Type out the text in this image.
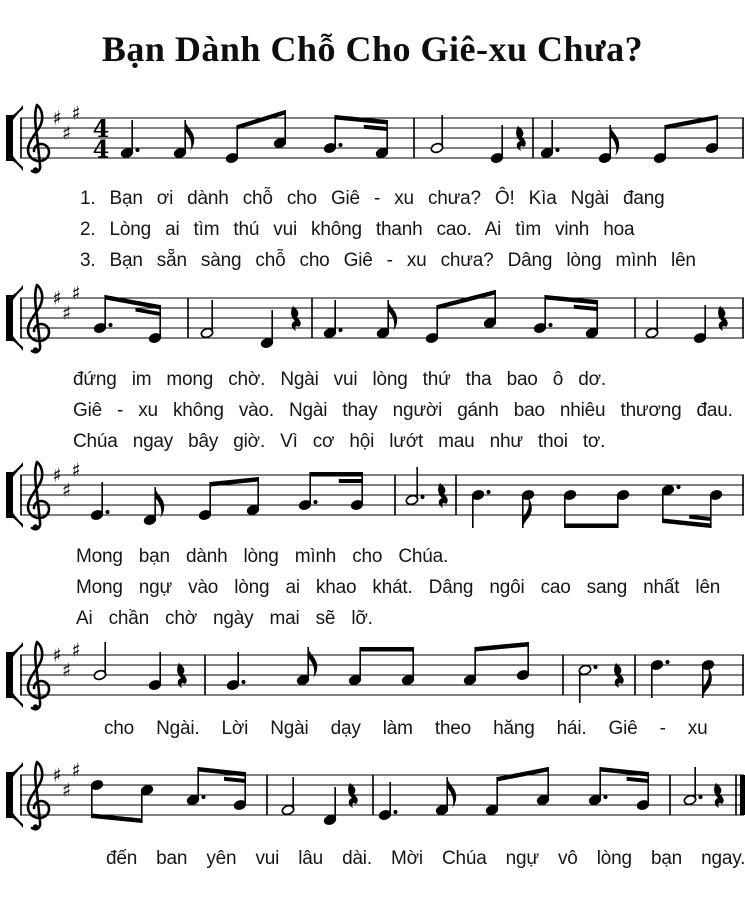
Bạn Dành Chỗ Cho Giê-xu Chưa?
♯
♯
♯
4
4
♯
♯
♯
♯
♯
♯
♯
♯
♯
♯
♯
♯
1. Bạn ơi dành chỗ cho Giê - xu chưa? Ô! Kìa Ngài đang
2. Lòng ai tìm thú vui không thanh cao. Ai tìm vinh hoa
3. Bạn sẵn sàng chỗ cho Giê - xu chưa? Dâng lòng mình lên
đứng im mong chờ. Ngài vui lòng thứ tha bao ô dơ.
Giê - xu không vào. Ngài thay người gánh bao nhiêu thương đau.
Chúa ngay bây giờ. Vì cơ hội lướt mau như thoi tơ.
Mong bạn dành lòng mình cho Chúa.
Mong ngự vào lòng ai khao khát. Dâng ngôi cao sang nhất lên
Ai chần chờ ngày mai sẽ lỡ.
cho Ngài. Lời Ngài dạy làm theo hăng hái. Giê - xu
đến ban yên vui lâu dài. Mời Chúa ngự vô lòng bạn ngay.
